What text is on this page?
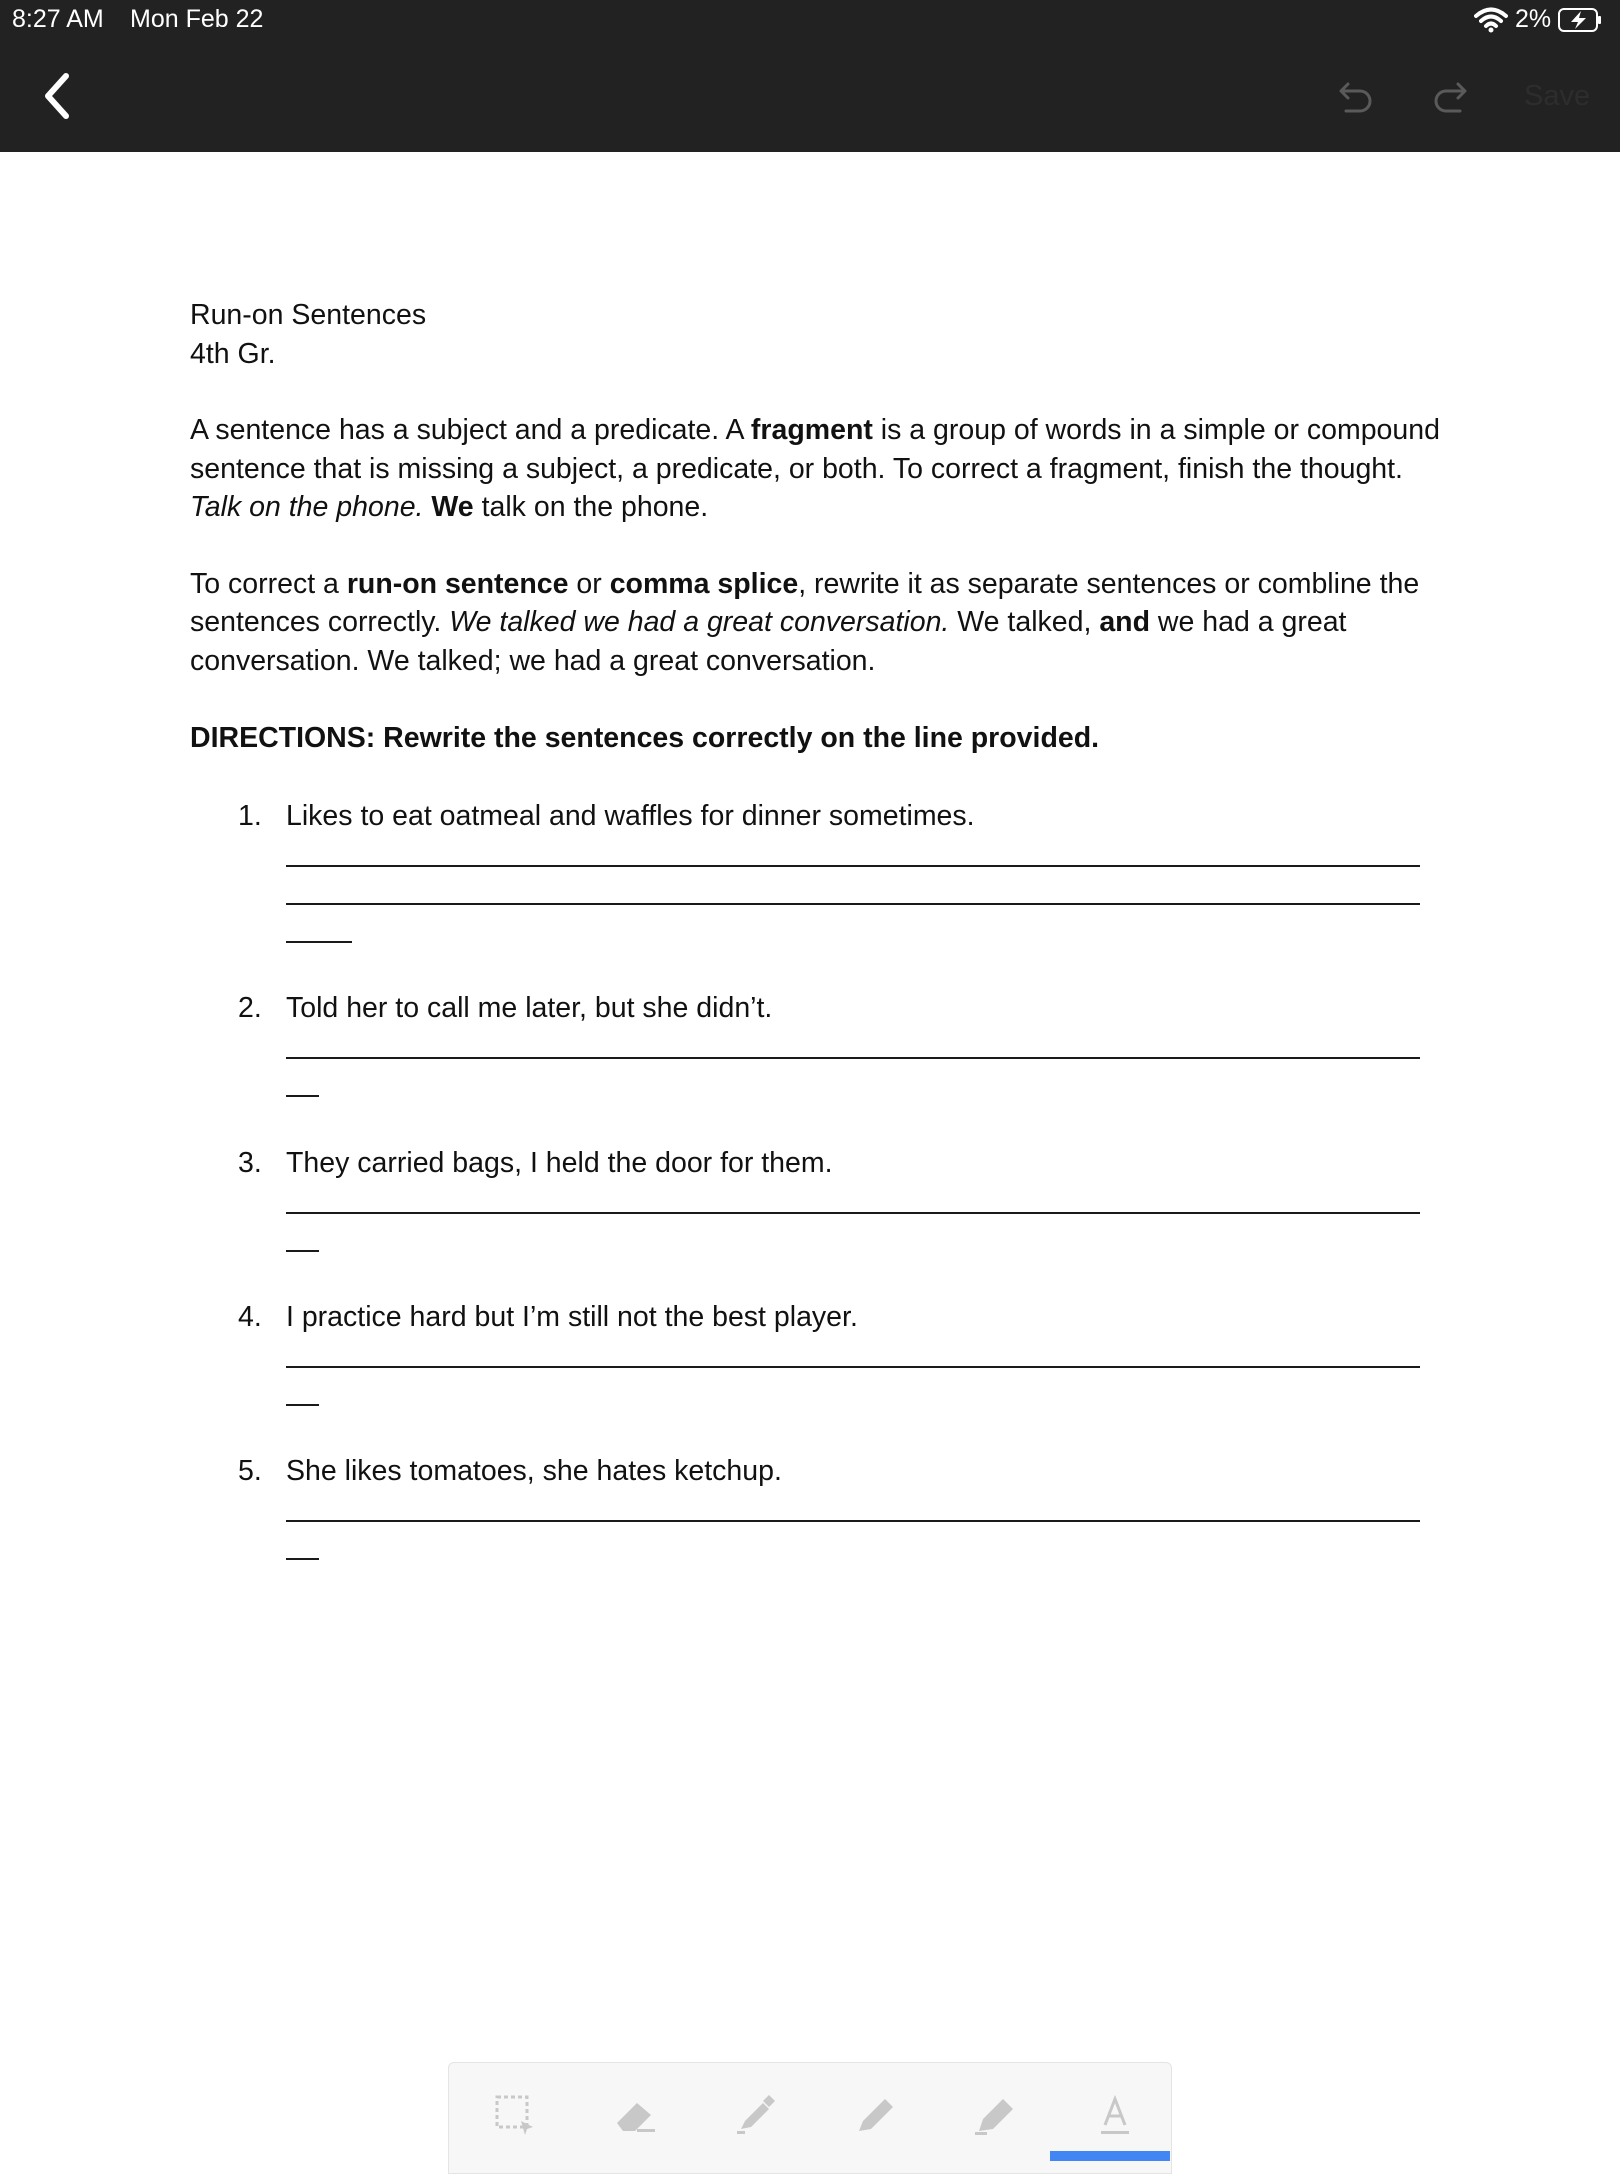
8:27 AM Mon Feb 22	2%
Save

Run-on Sentences

4th Gr.

A sentence has a subject and a predicate. A fragment is a group of words in a simple or compound sentence that is missing a subject, a predicate, or both. To correct a fragment, finish the thought. Talk on the phone. We talk on the phone.

To correct a run-on sentence or comma splice, rewrite it as separate sentences or combline the sentences correctly. We talked we had a great conversation. We talked, and we had a great conversation. We talked; we had a great conversation.

DIRECTIONS: Rewrite the sentences correctly on the line provided.

1. Likes to eat oatmeal and waffles for dinner sometimes.
2. Told her to call me later, but she didn’t.
3. They carried bags, I held the door for them.
4. I practice hard but I’m still not the best player.
5. She likes tomatoes, she hates ketchup.
